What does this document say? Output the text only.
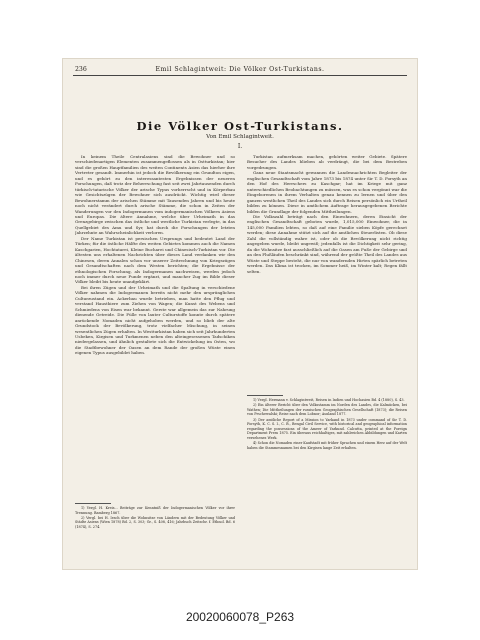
236	Emil Schlagintweit: Die Völker Ost-Turkistans.
Die Völker Ost-Turkistans.
Von Emil Schlagintweit.
I.

In keinem Theile Centralasiens sind die Bewohner und so verschiedenartigen Elementen zusammengeflossen als in Ostturkistan; hier sind die großen Hauptfamilien des weiten Continents Asien das hierher ihre Vertreter gesandt. Immerhin ist jedoch die Bevölkerung ein Grundton eigen, und es gehört zu den interessantesten Ergebnissen der neueren Forschungen, daß trotz der Beherrschung fast seit zwei Jahrtausenden durch türkisch-tatarische Völker der arische Typus vorherrscht und in Körperbau wie Gesichtszügen der Bewohner sich ausdrückt. Wichtig wird dieser Bewohnerstamm der arischen Stämme mit Tausenden Jahren und bis heute noch nicht verändert durch arische Stämme, die schon in Zeiten der Wanderungen vor den Indogermanen vom indogermanischen Völkern Asiens und Europas. Die ältere Annahme, welche über Urheimath in das Grenzgebirge zwischen das östliche und westliche Turkistan verlegte, in das Quellgebiet des Amu und Syr, hat durch die Forschungen der letzten Jahrzehnte an Wahrscheinlichkeit verloren.

Der Name Turkistan ist persischen Ursprungs und bedeutet Land der Türken; für die östliche Hälfte des weiten Gebietes kommen auch die Namen Kaschgarien, Hochtatarei, Kleine Bucharei und Chinesisch-Turkistan vor. Die ältesten uns erhaltenen Nachrichten über dieses Land verdanken wir den Chinesen, deren Annalen schon vor unserer Zeitrechnung von Kriegszügen und Gesandtschaften nach dem Westen berichten; die Ergebnisse der ethnologischen Forschung, als Indogermanen nachweisen, werden jedoch noch immer durch neue Funde ergänzt, und mancher Zug im Bilde dieser Völker bleibt bis heute unaufgeklärt.

Bei ihren Zügen und der Urheimath und die Spaltung in verschiedene Völker nahmen die Indogermanen bereits nicht mehr den ursprünglichen Culturzustand ein. Ackerbau wurde betrieben, man hatte den Pflug und verstand Hausthiere zum Ziehen von Wagen; die Kunst des Webens und Schmiedens von Eisen war bekannt. Gerste war allgemein das zur Nahrung dienende Getreide. Die Fülle von lauter Culturstoffe konnte durch spätere anrückende Nomaden nicht aufgehoben werden, und so blieb der alte Grundstock der Bevölkerung, trotz vielfacher Mischung, in seinen wesentlichen Zügen erhalten. In Westturkistan haben sich seit Jahrhunderten Usbeken, Kirgisen und Turkmenen neben den alteingesessenen Tadschiken niedergelassen, und ähnlich gestaltete sich die Entwickelung im Osten, wo die Stadtbewohner der Oasen an dem Rande der großen Wüste einen eigenen Typus ausgebildet haben.

Turkistan aufmerksam machen, gehörten weiter Gebiete. Spätere Besucher des Landes blieben ab verdrängt, die bei dem Bestreben vorgedrungen.

Ganz neue Staatsmacht gewannen die Landesnachrichten Begleiter der englischen Gesandtschaft vom Jahre 1873 bis 1874 unter Sir T. D. Forsyth an den Hof des Herrschers zu Kaschgar; hat im Kriege mit ganz unterschiedlichen Beobachtungen zu müssen, was es schon vergönnt war die Eingeborenen in ihrem Verhalten genau kennen zu lernen und über den ganzen westlichen Theil des Landes sich durch Reisen persönlich ein Urtheil bilden zu können. Diese in amtlichem Auftrage herausgegebenen Berichte bilden die Grundlage der folgenden Mittheilungen.

Die Volkszahl beträgt nach den Einwohnern, deren Einsicht der englischen Gesandtschaft geboten wurde, 1,015,000 Einwohner, die in 145,000 Familien lebten, so daß auf eine Familie sieben Köpfe gerechnet werden; diese Annahme stützt sich auf die amtlichen Steuerlisten. Ob diese Zahl die vollständig wahre ist, oder ob die Bevölkerung nicht richtig angegeben wurde, bleibt ungewiß; jedenfalls ist die Dichtigkeit sehr gering, da die Wohnsitze fast ausschließlich auf die Oasen am Fuße der Gebirge und an den Flußläufen beschränkt sind, während der größte Theil des Landes aus Wüste und Steppe besteht, die nur von wandernden Hirten spärlich betreten werden. Das Klima ist trocken, im Sommer heiß, im Winter kalt; Regen fällt selten.

1) Vergl. H. Kreis... Beiträge zur Kenntniß der Indogermanischen Völker vor ihrer Trennung. Bamberg 1867.

2) Vergl. bei H. Iesch über die Wohnsitze von Ländern mit der Bedeutung Völker und Städte Asiens (Wien 1878) Bd. 2, S. 303; Gr., S. 408, 416; Jahrbuch Zeitschr. f. Ethnol. Bd. 6 (1874), S. 274.

1) Vergl. Hermann v. Schlagintweit, Reisen in Indien und Hochasien Bd. 4 (1880), S. 43.

2) Ein älterer Bericht über den Volksstamm im Norden des Landes, die Kalmücken, bei Wathen; Die Mittheilungen der russischen Geographischen Gesellschaft (1873); die Reisen von Prschewalski; Reise nach dem Lobnor; Ausland 1877.

3) Der amtliche Report of a Mission to Yarkand in 1873 under command of Sir T. D. Forsyth, K. C. S. I., C. B., Bengal Civil Service, with historical and geographical information regarding the possessions of the Ameer of Yarkund. Calcutta, printed at the Foreign Department Press 1875. Ein überaus reichhaltiges, mit zahlreichen Abbildungen und Karten versehenes Werk.

4) Schon die Nomaden einer Kaufstadt mit früher Sprachen und einem Herz auf der Welt haben die Stammesnamen bei den Kirgisen lange Zeit erhalten.

20020060078_P263
